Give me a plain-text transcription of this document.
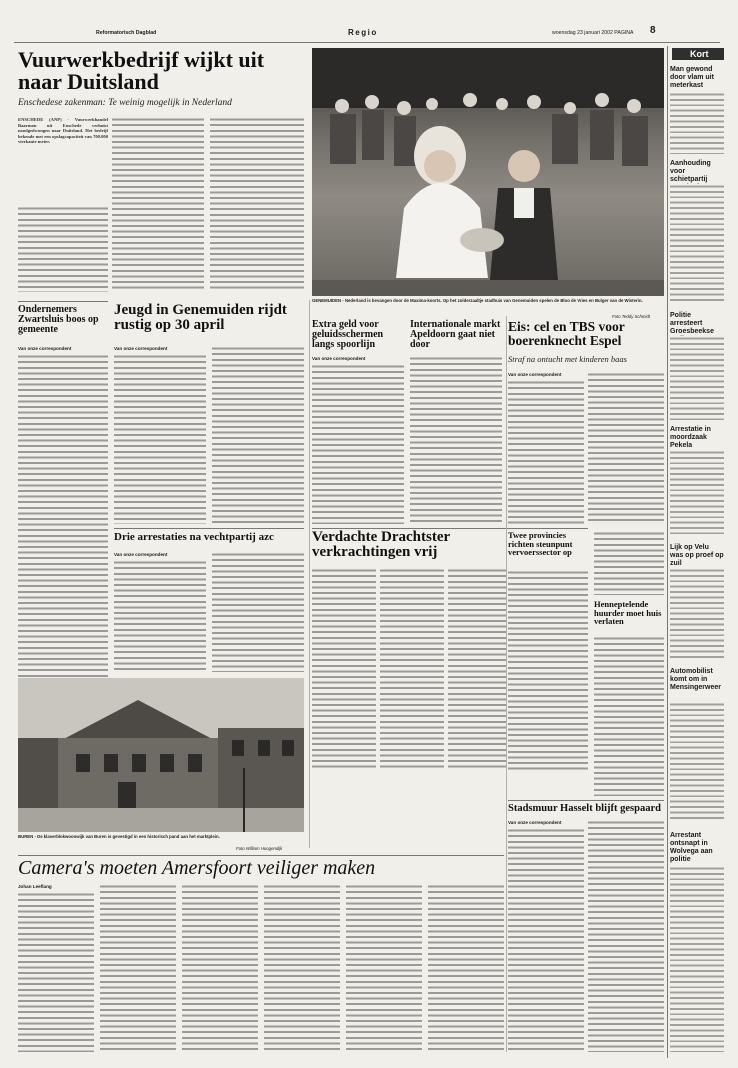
Reformatorisch Dagblad	Regio	woensdag 23 januari 2002 PAGINA 8
Vuurwerkbedrijf wijkt uit naar Duitsland
Enschedese zakenman: Te weinig mogelijk in Nederland
ENSCHEDE (ANP) - Vuurwerkhandel Baarman uit Enschede verhuist noodgedwongen naar Duitsland. Het bedrijf bekende met een opslagcapaciteit van 700.000 vierkante meter.
GENEMUIDEN - Nederland is bevangen door de Maxima-koorts. Op het zolderzaaltje stadhuis van Genemuiden spelen de Bloo de Vries en Bulger van de Wisterin.
Foto Teddy Schmidt
Kort
Man gewond door vlam uit meterkast
Aanhouding voor schietpartij
Politie arresteert Groesbeekse
Arrestatie in moordzaak Pekela
Lijk op Velu was op proef op zuil
Automobilist komt om in Mensingerweer
Arrestant ontsnapt in Wolvega aan politie
Ondernemers Zwartsluis boos op gemeente
Van onze correspondent
Jeugd in Genemuiden rijdt rustig op 30 april
Van onze correspondent
Extra geld voor geluidsschermen langs spoorlijn
Van onze correspondent
Internationale markt Apeldoorn gaat niet door
Eis: cel en TBS voor boerenknecht Espel
Straf na ontucht met kinderen baas
Van onze correspondent
Drie arrestaties na vechtpartij azc
Van onze correspondent
Verdachte Drachtster verkrachtingen vrij
Twee provincies richten steunpunt vervoerssector op
Henneptelende huurder moet huis verlaten
BUREN - De klaverblokwoonwijk van Buren is gevestigd in een historisch pand aan het marktplein.
Foto William Hoogendijk
Camera's moeten Amersfoort veiliger maken
Johan Leeflang
Stadsmuur Hasselt blijft gespaard
Van onze correspondent
